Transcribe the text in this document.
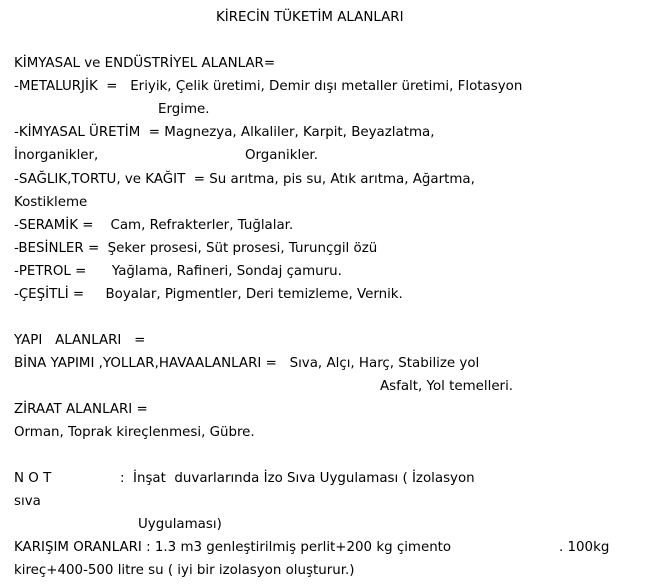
KİRECİN TÜKETİM ALANLARI
KİMYASAL ve ENDÜSTRİYEL ALANLAR=
-METALURJİK  =   Eriyik, Çelik üretimi, Demir dışı metaller üretimi, Flotasyon
Ergime.
-KİMYASAL ÜRETİM  = Magnezya, Alkaliler, Karpit, Beyazlatma,
İnorganikler,	Organikler.
-SAĞLIK,TORTU, ve KAĞIT  = Su arıtma, pis su, Atık arıtma, Ağartma,
Kostikleme
-SERAMİK =    Cam, Refrakterler, Tuğlalar.
-BESİNLER =  Şeker prosesi, Süt prosesi, Turunçgil özü
-PETROL =      Yağlama, Rafineri, Sondaj çamuru.
-ÇEŞİTLİ =     Boyalar, Pigmentler, Deri temizleme, Vernik.
YAPI   ALANLARI   =
BİNA YAPIMI ,YOLLAR,HAVAALANLARI =   Sıva, Alçı, Harç, Stabilize yol
Asfalt, Yol temelleri.
ZİRAAT ALANLARI =
Orman, Toprak kireçlenmesi, Gübre.
N O T	:  İnşat  duvarlarında İzo Sıva Uygulaması ( İzolasyon
sıva
Uygulaması)
KARIŞIM ORANLARI : 1.3 m3 genleştirilmiş perlit+200 kg çimento	. 100kg
kireç+400-500 litre su ( iyi bir izolasyon oluşturur.)
